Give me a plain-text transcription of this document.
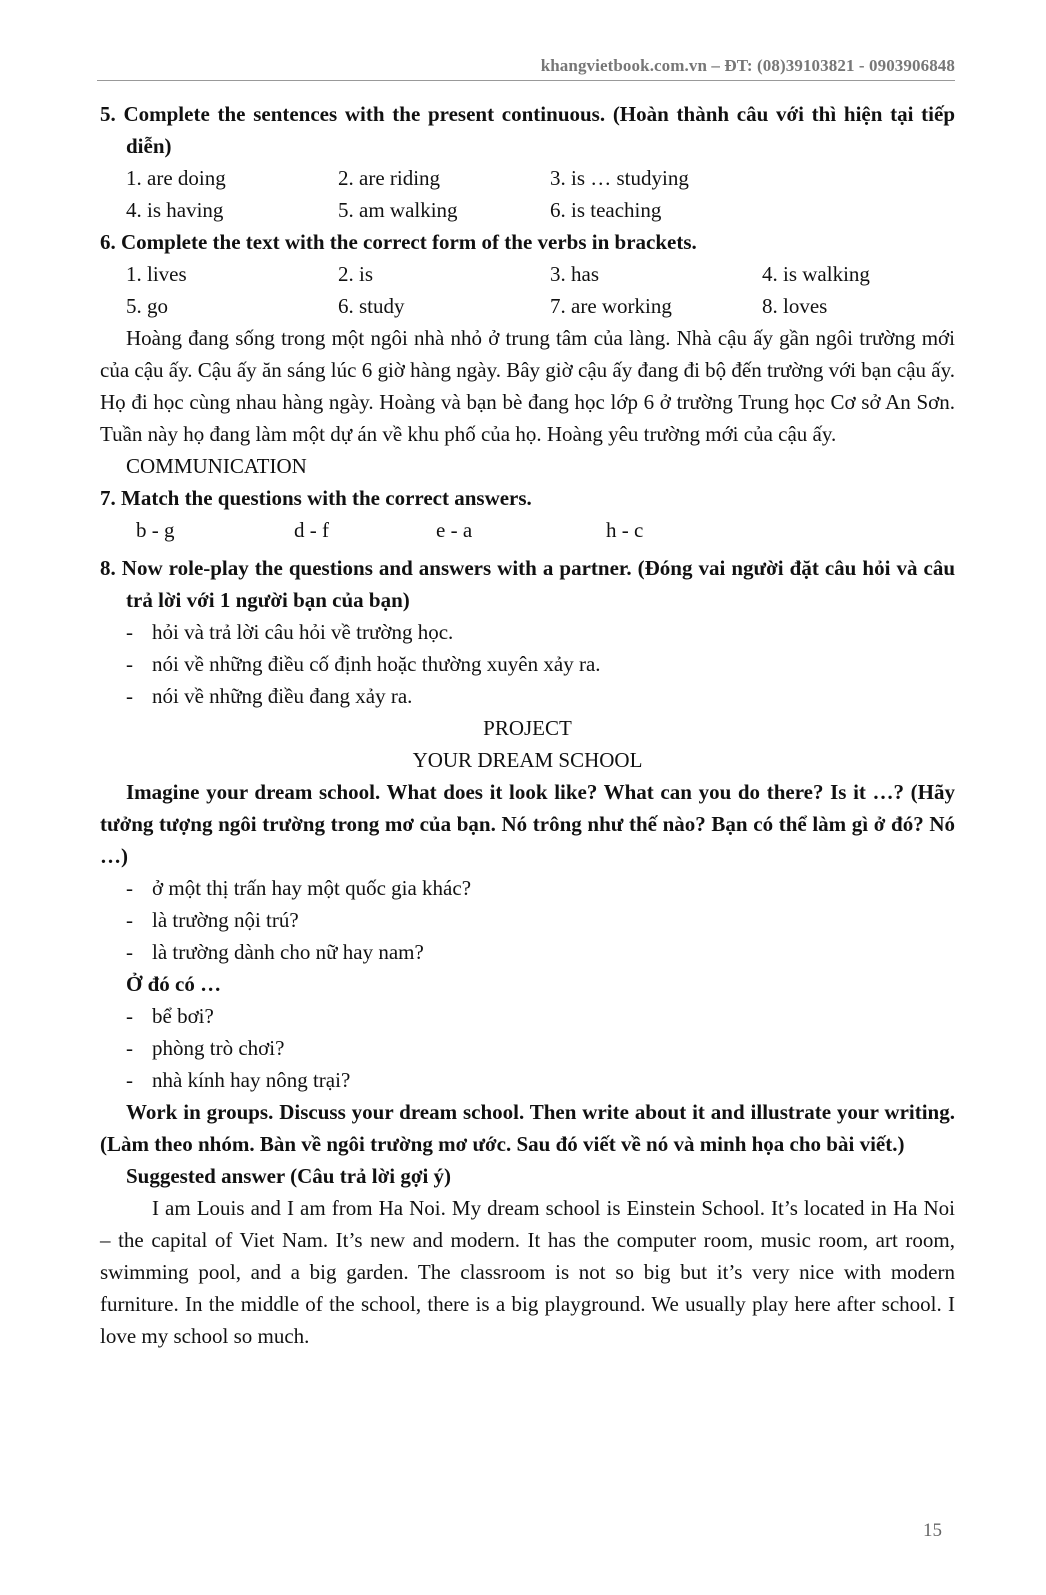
khangvietbook.com.vn – ĐT: (08)39103821 - 0903906848

5. Complete the sentences with the present continuous. (Hoàn thành câu với thì hiện tại tiếp diễn)

1. are doing	2. are riding	3. is … studying
4. is having	5. am walking	6. is teaching

6. Complete the text with the correct form of the verbs in brackets.

1. lives	2. is	3. has	4. is walking
5. go	6. study	7. are working	8. loves

Hoàng đang sống trong một ngôi nhà nhỏ ở trung tâm của làng. Nhà cậu ấy gần ngôi trường mới của cậu ấy. Cậu ấy ăn sáng lúc 6 giờ hàng ngày. Bây giờ cậu ấy đang đi bộ đến trường với bạn cậu ấy. Họ đi học cùng nhau hàng ngày. Hoàng và bạn bè đang học lớp 6 ở trường Trung học Cơ sở An Sơn. Tuần này họ đang làm một dự án về khu phố của họ. Hoàng yêu trường mới của cậu ấy.

COMMUNICATION

7. Match the questions with the correct answers.

b - g	d - f	e - a	h - c

8. Now role-play the questions and answers with a partner. (Đóng vai người đặt câu hỏi và câu trả lời với 1 người bạn của bạn)

- hỏi và trả lời câu hỏi về trường học.
- nói về những điều cố định hoặc thường xuyên xảy ra.
- nói về những điều đang xảy ra.

PROJECT

YOUR DREAM SCHOOL

Imagine your dream school. What does it look like? What can you do there? Is it …? (Hãy tưởng tượng ngôi trường trong mơ của bạn. Nó trông như thế nào? Bạn có thể làm gì ở đó? Nó …)

- ở một thị trấn hay một quốc gia khác?
- là trường nội trú?
- là trường dành cho nữ hay nam?

Ở đó có …

- bể bơi?
- phòng trò chơi?
- nhà kính hay nông trại?

Work in groups. Discuss your dream school. Then write about it and illustrate your writing. (Làm theo nhóm. Bàn về ngôi trường mơ ước. Sau đó viết về nó và minh họa cho bài viết.)

Suggested answer (Câu trả lời gợi ý)

I am Louis and I am from Ha Noi. My dream school is Einstein School. It’s located in Ha Noi – the capital of Viet Nam. It’s new and modern. It has the computer room, music room, art room, swimming pool, and a big garden. The classroom is not so big but it’s very nice with modern furniture. In the middle of the school, there is a big playground. We usually play here after school. I love my school so much.

15
